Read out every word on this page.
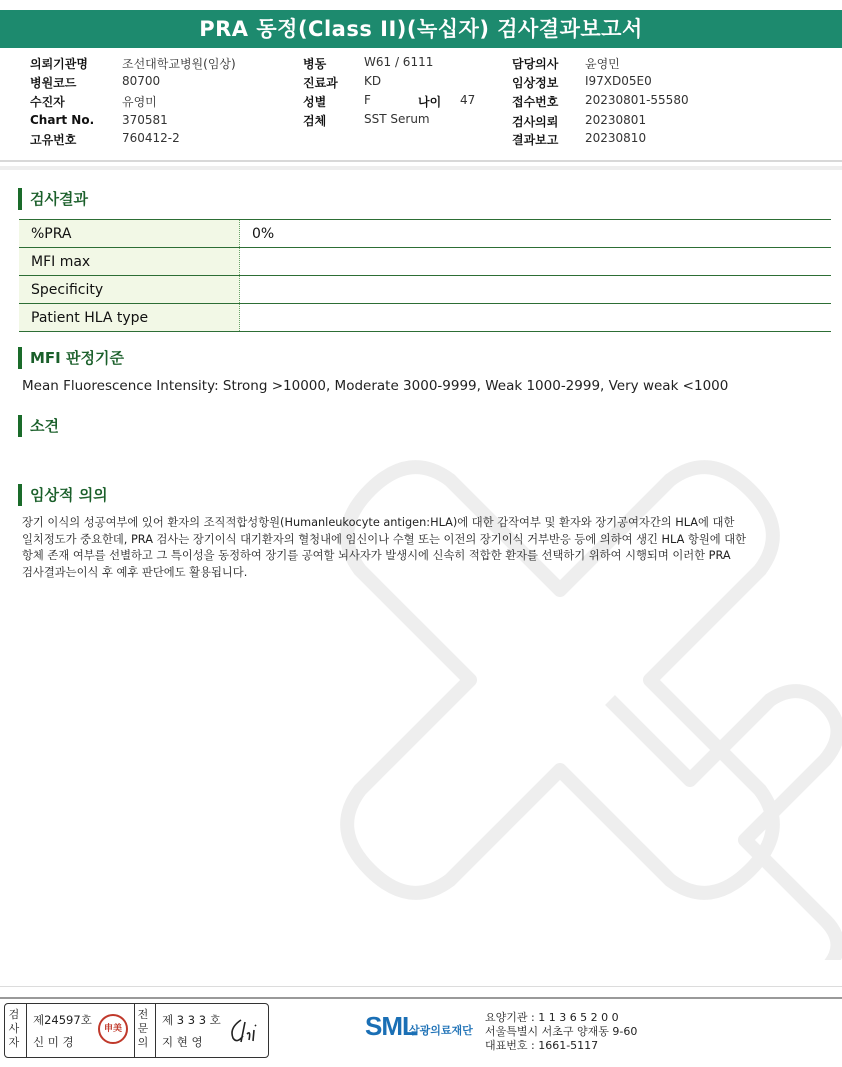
PRA 동정(Class II)(녹십자) 검사결과보고서
의뢰기관명	조선대학교병원(임상)
병원코드	80700
수진자	유영미
Chart No. 370581
고유번호	760412-2
병동	W61 / 6111
진료과 KD
성별	F	나이 47
검체	SST Serum
담당의사 윤영민
임상정보 I97XD05E0
접수번호 20230801-55580
검사의뢰 20230801
결과보고 20230810
검사결과
%PRA	0%
MFI max	
Specificity	
Patient HLA type	
MFI 판정기준
Mean Fluorescence Intensity: Strong >10000, Moderate 3000-9999, Weak 1000-2999, Very weak <1000
소견
임상적 의의
장기 이식의 성공여부에 있어 환자의 조직적합성항원(Humanleukocyte antigen:HLA)에 대한 감작여부 및 환자와 장기공여자간의 HLA에 대한
일치정도가 중요한데, PRA 검사는 장기이식 대기환자의 혈청내에 임신이나 수혈 또는 이전의 장기이식 거부반응 등에 의하여 생긴 HLA 항원에 대한
항체 존재 여부를 선별하고 그 특이성을 동정하여 장기를 공여할 뇌사자가 발생시에 신속히 적합한 환자를 선택하기 위하여 시행되며 이러한 PRA
검사결과는이식 후 예후 판단에도 활용됩니다.
검사자
제24597호
신 미 경
전문의
제 3 3 3 호
지 현 영
申美	SML
삼광의료재단
요양기관 : 1 1 3 6 5 2 0 0
서울특별시 서초구 양재동 9-60
대표번호 : 1661-5117
